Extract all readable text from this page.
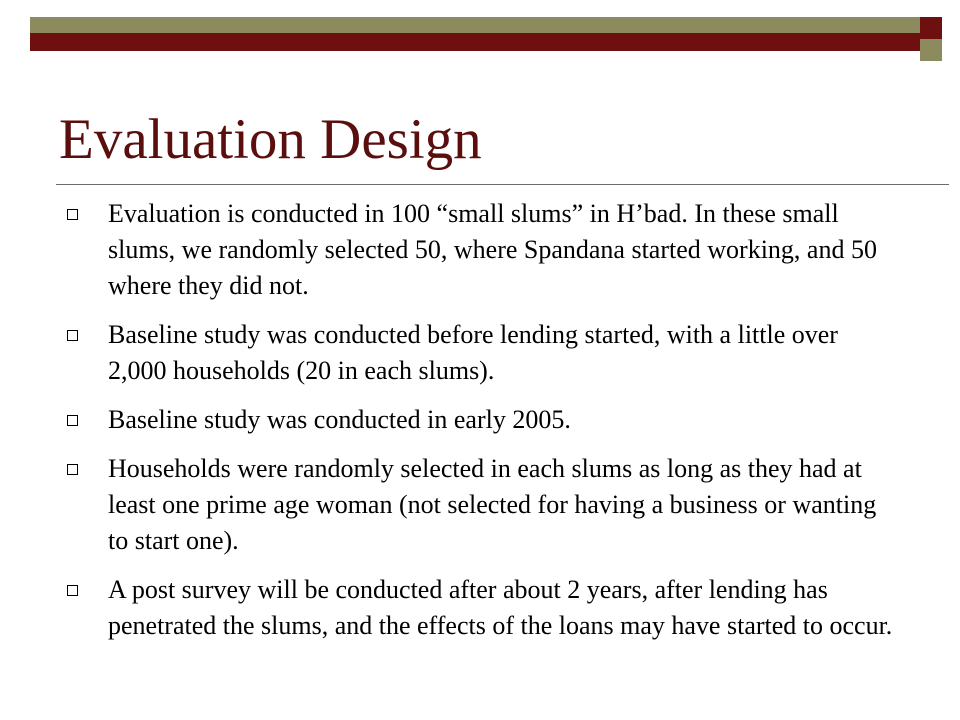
Evaluation Design
Evaluation is conducted in 100 “small slums” in H’bad. In these small slums, we randomly selected 50, where Spandana started working, and 50 where they did not.
Baseline study was conducted before lending started, with a little over 2,000 households (20 in each slums).
Baseline study was conducted in early 2005.
Households were randomly selected in each slums as long as they had at least one prime age woman (not selected for having a business or wanting to start one).
A post survey will be conducted after about 2 years, after lending has penetrated the slums, and the effects of the loans may have started to occur.
